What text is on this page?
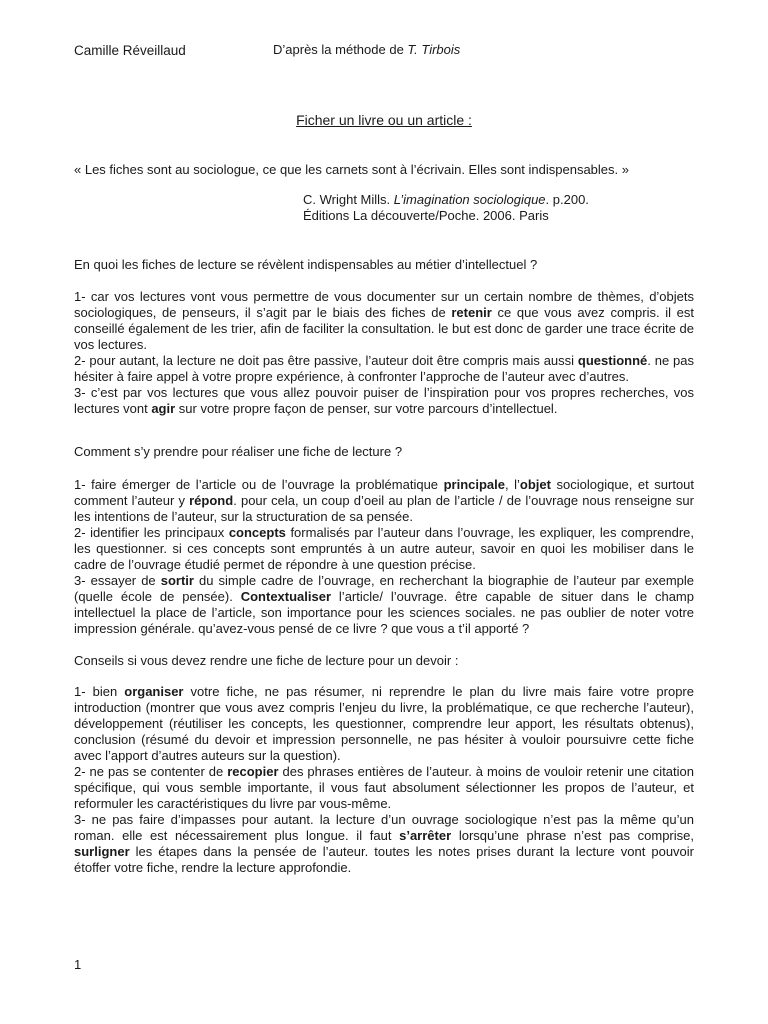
Camille Réveillaud	D’après la méthode de T. Tirbois
Ficher un livre ou un article :
« Les fiches sont au sociologue, ce que les carnets sont à l’écrivain. Elles sont indispensables. »
C. Wright Mills. L’imagination sociologique. p.200.
Éditions La découverte/Poche. 2006. Paris
En quoi les fiches de lecture se révèlent indispensables au métier d’intellectuel ?

1- car vos lectures vont vous permettre de vous documenter sur un certain nombre de thèmes, d’objets sociologiques, de penseurs, il s’agit par le biais des fiches de retenir ce que vous avez compris. il est conseillé également de les trier, afin de faciliter la consultation. le but est donc de garder une trace écrite de vos lectures.

2- pour autant, la lecture ne doit pas être passive, l’auteur doit être compris mais aussi questionné. ne pas hésiter à faire appel à votre propre expérience, à confronter l’approche de l’auteur avec d’autres.

3- c’est par vos lectures que vous allez pouvoir puiser de l’inspiration pour vos propres recherches, vos lectures vont agir sur votre propre façon de penser, sur votre parcours d’intellectuel.

Comment s’y prendre pour réaliser une fiche de lecture ?

1- faire émerger de l’article ou de l’ouvrage la problématique principale, l’objet sociologique, et surtout comment l’auteur y répond. pour cela, un coup d’oeil au plan de l’article / de l’ouvrage nous renseigne sur les intentions de l’auteur, sur la structuration de sa pensée.

2- identifier les principaux concepts formalisés par l’auteur dans l’ouvrage, les expliquer, les comprendre, les questionner. si ces concepts sont empruntés à un autre auteur, savoir en quoi les mobiliser dans le cadre de l’ouvrage étudié permet de répondre à une question précise.

3- essayer de sortir du simple cadre de l’ouvrage, en recherchant la biographie de l’auteur par exemple (quelle école de pensée). Contextualiser l’article/ l’ouvrage. être capable de situer dans le champ intellectuel la place de l’article, son importance pour les sciences sociales. ne pas oublier de noter votre impression générale. qu’avez-vous pensé de ce livre ? que vous a t’il apporté ?

Conseils si vous devez rendre une fiche de lecture pour un devoir :

1- bien organiser votre fiche, ne pas résumer, ni reprendre le plan du livre mais faire votre propre introduction (montrer que vous avez compris l’enjeu du livre, la problématique, ce que recherche l’auteur), développement (réutiliser les concepts, les questionner, comprendre leur apport, les résultats obtenus), conclusion (résumé du devoir et impression personnelle, ne pas hésiter à vouloir poursuivre cette fiche avec l’apport d’autres auteurs sur la question).

2- ne pas se contenter de recopier des phrases entières de l’auteur. à moins de vouloir retenir une citation spécifique, qui vous semble importante, il vous faut absolument sélectionner les propos de l’auteur, et reformuler les caractéristiques du livre par vous-même.

3- ne pas faire d’impasses pour autant. la lecture d’un ouvrage sociologique n’est pas la même qu’un roman. elle est nécessairement plus longue. il faut s’arrêter lorsqu’une phrase n’est pas comprise, surligner les étapes dans la pensée de l’auteur. toutes les notes prises durant la lecture vont pouvoir étoffer votre fiche, rendre la lecture approfondie.

1
